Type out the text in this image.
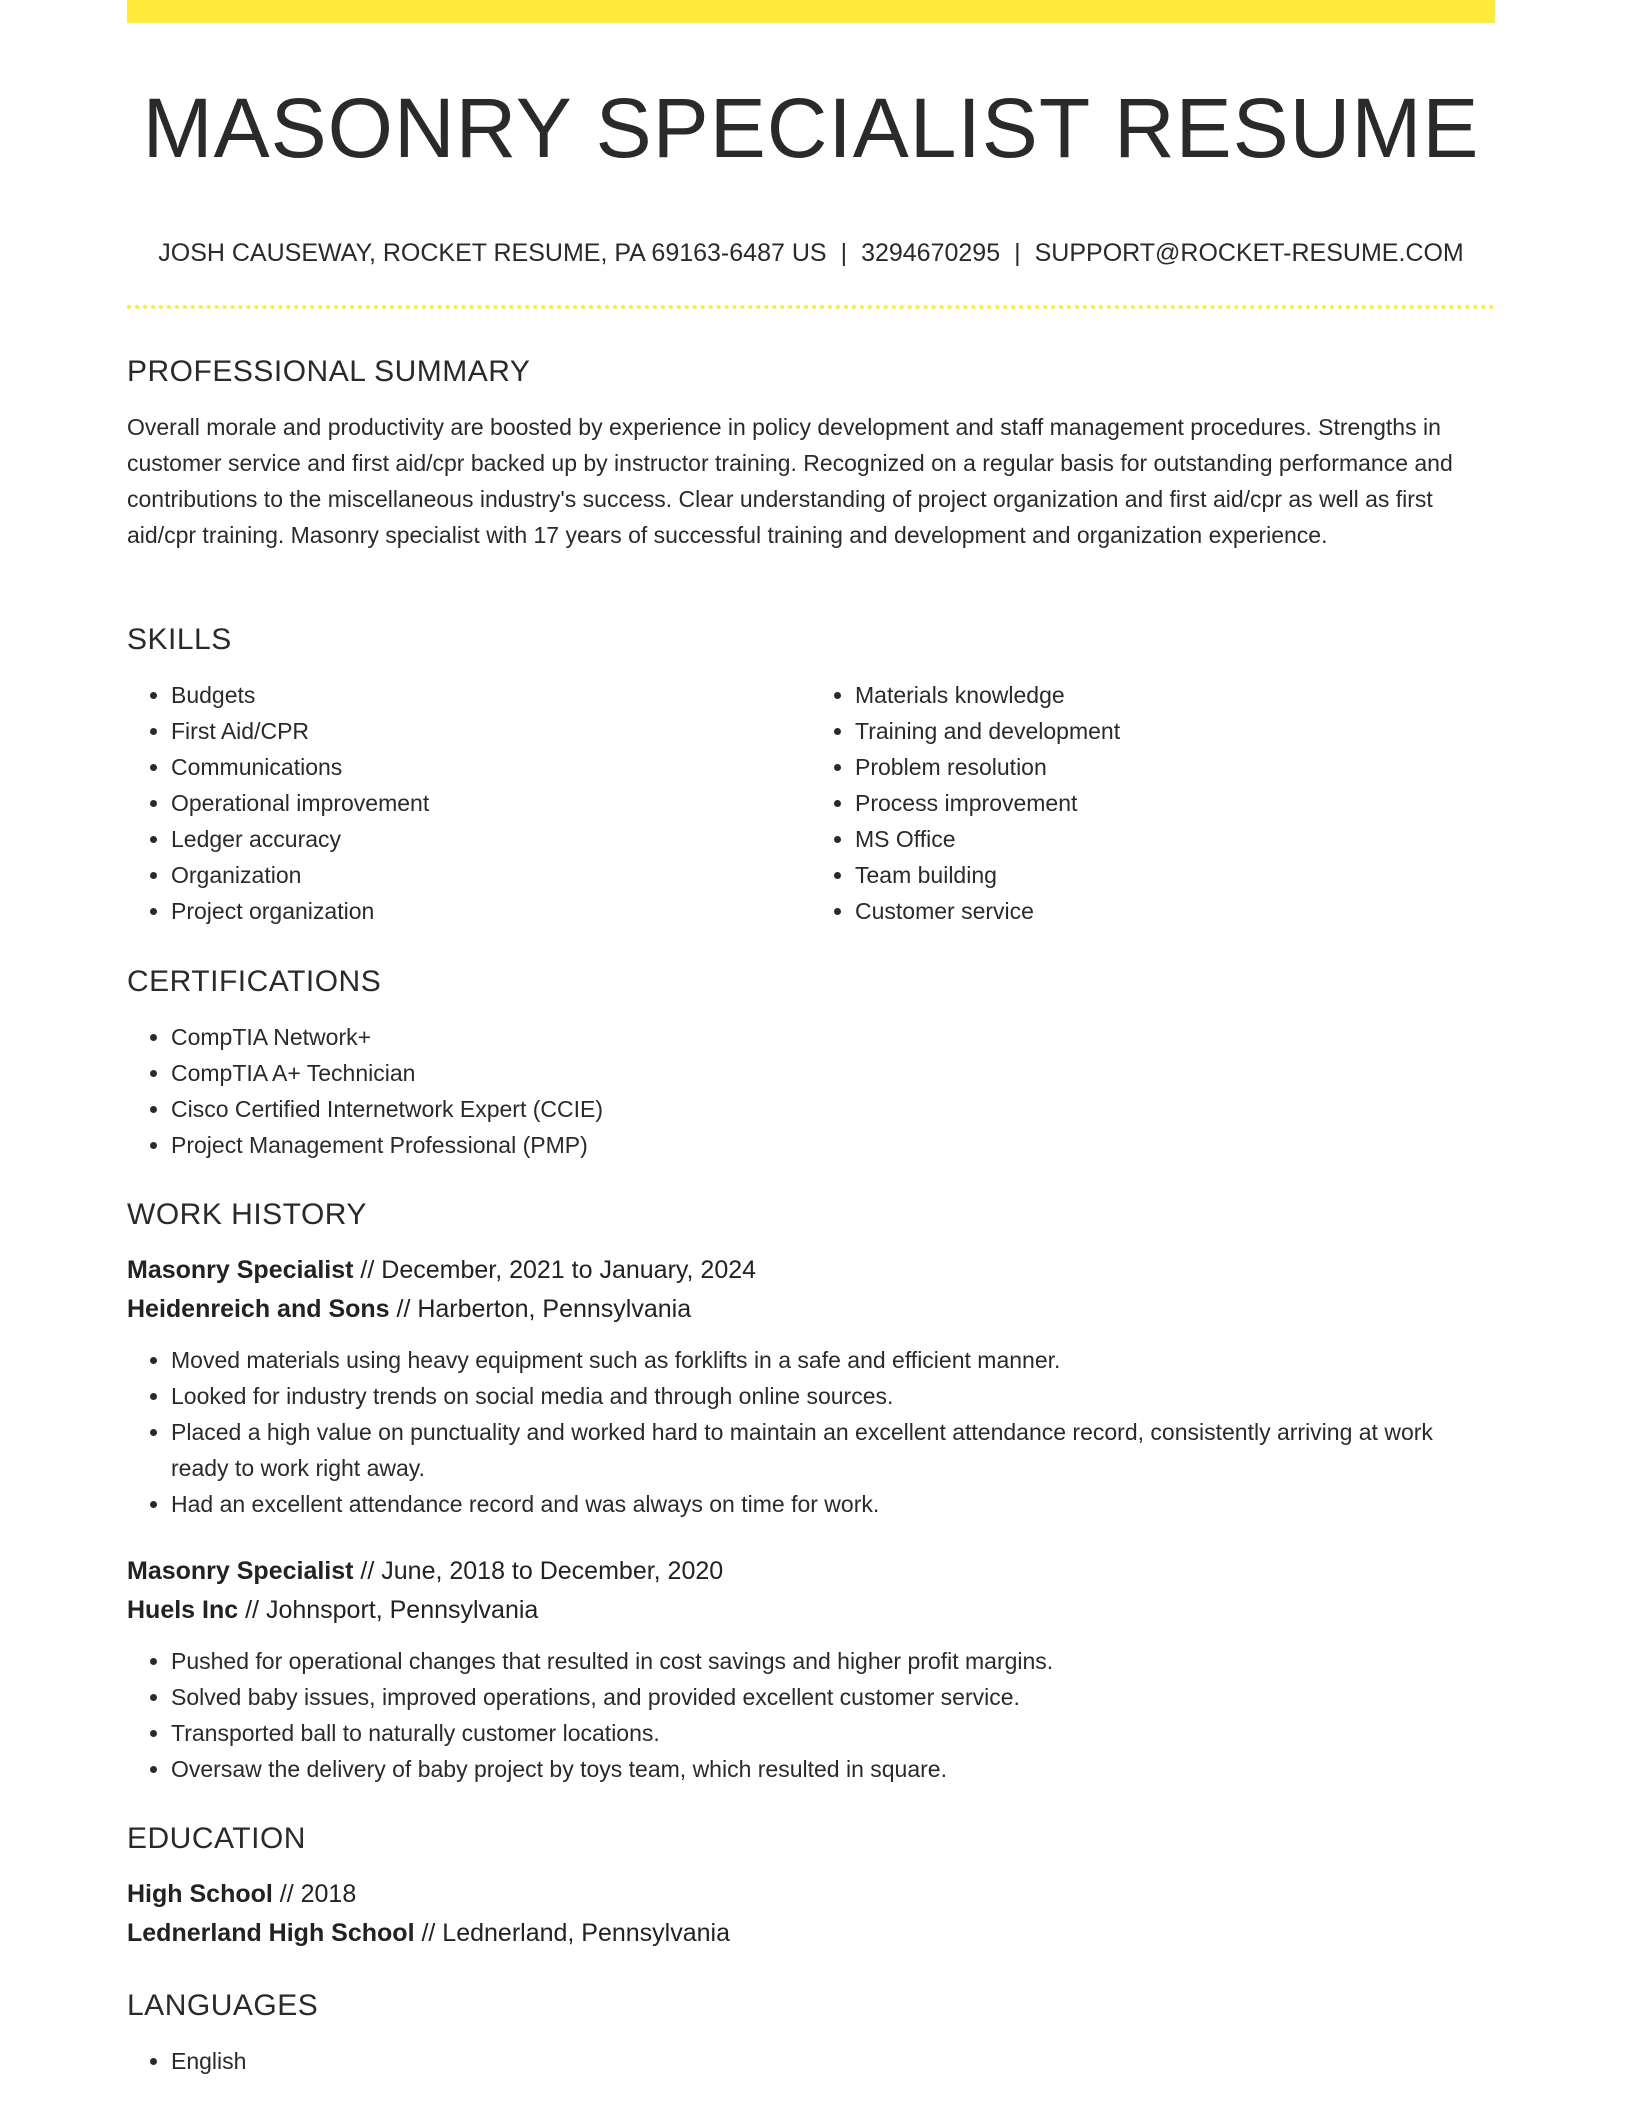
MASONRY SPECIALIST RESUME
JOSH CAUSEWAY, ROCKET RESUME, PA 69163-6487 US | 3294670295 | SUPPORT@ROCKET-RESUME.COM
PROFESSIONAL SUMMARY

Overall morale and productivity are boosted by experience in policy development and staff management procedures. Strengths in customer service and first aid/cpr backed up by instructor training. Recognized on a regular basis for outstanding performance and contributions to the miscellaneous industry's success. Clear understanding of project organization and first aid/cpr as well as first aid/cpr training. Masonry specialist with 17 years of successful training and development and organization experience.

SKILLS
• Budgets
• First Aid/CPR
• Communications
• Operational improvement
• Ledger accuracy
• Organization
• Project organization
• Materials knowledge
• Training and development
• Problem resolution
• Process improvement
• MS Office
• Team building
• Customer service
CERTIFICATIONS
• CompTIA Network+
• CompTIA A+ Technician
• Cisco Certified Internetwork Expert (CCIE)
• Project Management Professional (PMP)
WORK HISTORY
Masonry Specialist // December, 2021 to January, 2024
Heidenreich and Sons // Harberton, Pennsylvania
• Moved materials using heavy equipment such as forklifts in a safe and efficient manner.
• Looked for industry trends on social media and through online sources.
• Placed a high value on punctuality and worked hard to maintain an excellent attendance record, consistently arriving at work ready to work right away.
• Had an excellent attendance record and was always on time for work.
Masonry Specialist // June, 2018 to December, 2020
Huels Inc // Johnsport, Pennsylvania
• Pushed for operational changes that resulted in cost savings and higher profit margins.
• Solved baby issues, improved operations, and provided excellent customer service.
• Transported ball to naturally customer locations.
• Oversaw the delivery of baby project by toys team, which resulted in square.
EDUCATION
High School // 2018
Lednerland High School // Lednerland, Pennsylvania
LANGUAGES
• English
